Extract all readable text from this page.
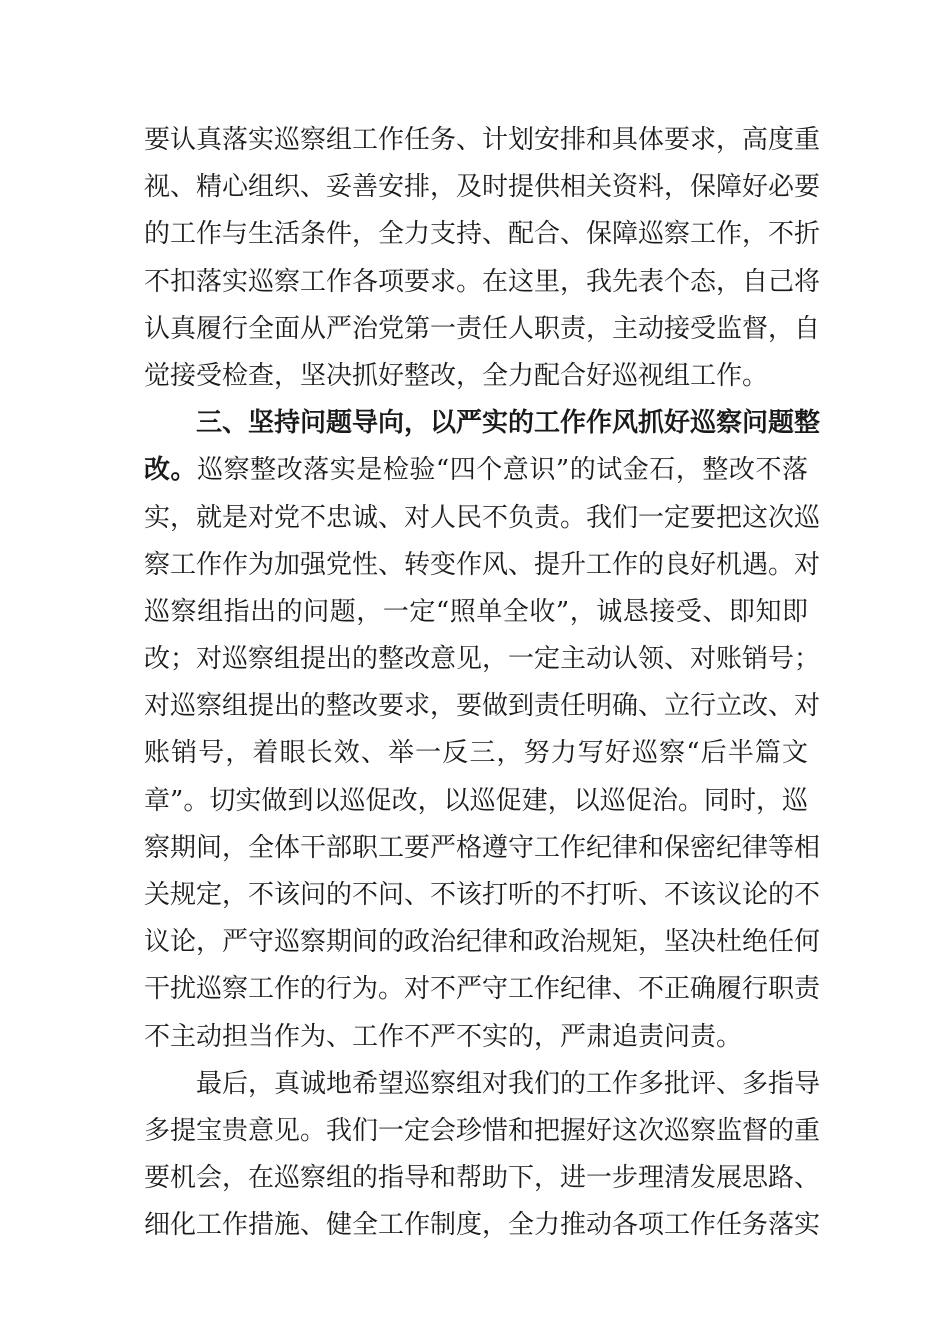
要认真落实巡察组工作任务、计划安排和具体要求，高度重
视、精心组织、妥善安排，及时提供相关资料，保障好必要
的工作与生活条件，全力支持、配合、保障巡察工作，不折
不扣落实巡察工作各项要求。在这里，我先表个态，自己将
认真履行全面从严治党第一责任人职责，主动接受监督，自
觉接受检查，坚决抓好整改，全力配合好巡视组工作。
三、坚持问题导向，以严实的工作作风抓好巡察问题整
改。巡察整改落实是检验“四个意识”的试金石，整改不落
实，就是对党不忠诚、对人民不负责。我们一定要把这次巡
察工作作为加强党性、转变作风、提升工作的良好机遇。对
巡察组指出的问题，一定“照单全收”，诚恳接受、即知即
改；对巡察组提出的整改意见，一定主动认领、对账销号；
对巡察组提出的整改要求，要做到责任明确、立行立改、对
账销号，着眼长效、举一反三，努力写好巡察“后半篇文
章”。切实做到以巡促改，以巡促建，以巡促治。同时，巡
察期间，全体干部职工要严格遵守工作纪律和保密纪律等相
关规定，不该问的不问、不该打听的不打听、不该议论的不
议论，严守巡察期间的政治纪律和政治规矩，坚决杜绝任何
干扰巡察工作的行为。对不严守工作纪律、不正确履行职责
不主动担当作为、工作不严不实的，严肃追责问责。
最后，真诚地希望巡察组对我们的工作多批评、多指导
多提宝贵意见。我们一定会珍惜和把握好这次巡察监督的重
要机会，在巡察组的指导和帮助下，进一步理清发展思路、
细化工作措施、健全工作制度，全力推动各项工作任务落实
